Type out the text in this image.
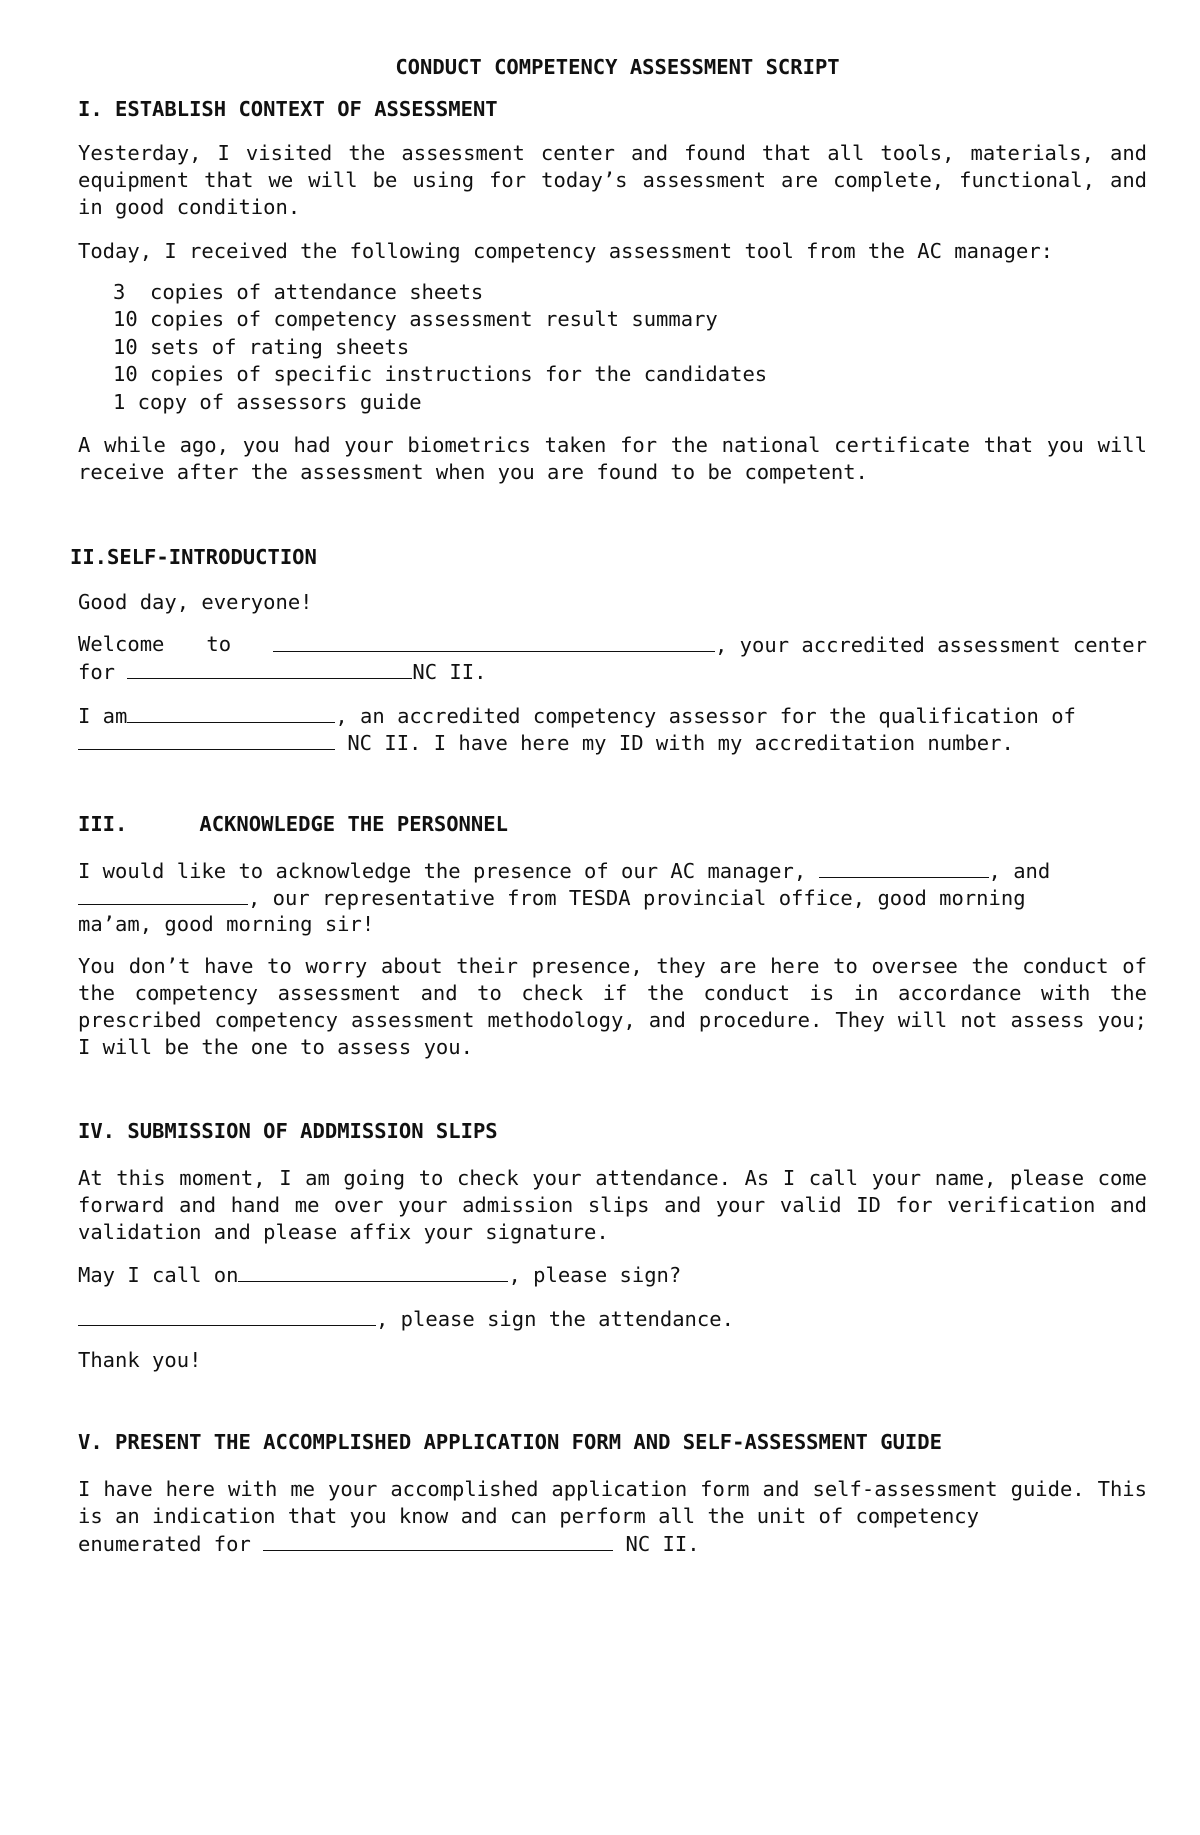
CONDUCT COMPETENCY ASSESSMENT SCRIPT
I. ESTABLISH CONTEXT OF ASSESSMENT

Yesterday, I visited the assessment center and found that all tools, materials, and equipment that we will be using for today’s assessment are complete, functional, and in good condition.

Today, I received the following competency assessment tool from the AC manager:

3  copies of attendance sheets
10 copies of competency assessment result summary
10 sets of rating sheets
10 copies of specific instructions for the candidates
1 copy of assessors guide

A while ago, you had your biometrics taken for the national certificate that you will receive after the assessment when you are found to be competent.

II.SELF-INTRODUCTION
Good day, everyone!
Welcome to	, your accredited assessment center
for	NC II.
I am	, an accredited competency assessor for the qualification of
NC II. I have here my ID with my accreditation number.
III.	ACKNOWLEDGE THE PERSONNEL
I would like to acknowledge the presence of our AC manager,	, and
, our representative from TESDA provincial office, good morning
ma’am, good morning sir!

You don’t have to worry about their presence, they are here to oversee the conduct of the competency assessment and to check if the conduct is in accordance with the prescribed competency assessment methodology, and procedure. They will not assess you; I will be the one to assess you.

IV. SUBMISSION OF ADDMISSION SLIPS

At this moment, I am going to check your attendance. As I call your name, please come forward and hand me over your admission slips and your valid ID for verification and validation and please affix your signature.

May I call on	, please sign?
, please sign the attendance.
Thank you!
V. PRESENT THE ACCOMPLISHED APPLICATION FORM AND SELF-ASSESSMENT GUIDE

I have here with me your accomplished application form and self-assessment guide. This is an indication that you know and can perform all the unit of competency

enumerated for	NC II.
